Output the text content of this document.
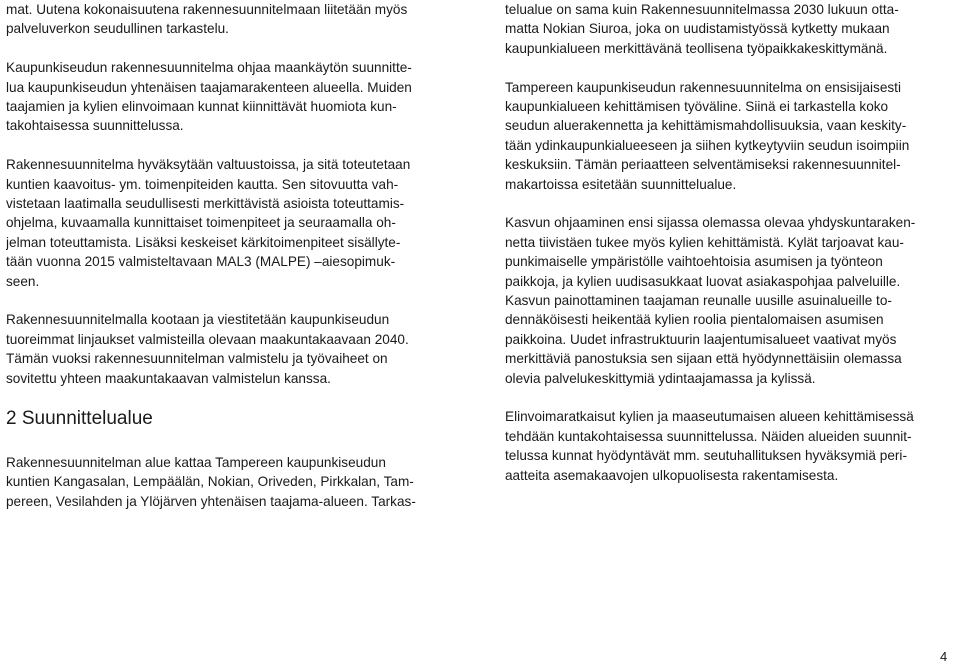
mat. Uutena kokonaisuutena rakennesuunnitelmaan liitetään myös
palveluverkon seudullinen tarkastelu.

Kaupunkiseudun rakennesuunnitelma ohjaa maankäytön suunnitte-
lua kaupunkiseudun yhtenäisen taajamarakenteen alueella. Muiden
taajamien ja kylien elinvoimaan kunnat kiinnittävät huomiota kun-
takohtaisessa suunnittelussa.

Rakennesuunnitelma hyväksytään valtuustoissa, ja sitä toteutetaan
kuntien kaavoitus- ym. toimenpiteiden kautta. Sen sitovuutta vah-
vistetaan laatimalla seudullisesti merkittävistä asioista toteuttamis-
ohjelma, kuvaamalla kunnittaiset toimenpiteet ja seuraamalla oh-
jelman toteuttamista. Lisäksi keskeiset kärkitoimenpiteet sisällyte-
tään vuonna 2015 valmisteltavaan MAL3 (MALPE) –aiesopimuk-
seen.

Rakennesuunnitelmalla kootaan ja viestitetään kaupunkiseudun
tuoreimmat linjaukset valmisteilla olevaan maakuntakaavaan 2040.
Tämän vuoksi rakennesuunnitelman valmistelu ja työvaiheet on
sovitettu yhteen maakuntakaavan valmistelun kanssa.

2 Suunnittelualue

Rakennesuunnitelman alue kattaa Tampereen kaupunkiseudun
kuntien Kangasalan, Lempäälän, Nokian, Oriveden, Pirkkalan, Tam-
pereen, Vesilahden ja Ylöjärven yhtenäisen taajama-alueen. Tarkas-

telualue on sama kuin Rakennesuunnitelmassa 2030 lukuun otta-
matta Nokian Siuroa, joka on uudistamistyössä kytketty mukaan
kaupunkialueen merkittävänä teollisena työpaikkakeskittymänä.

Tampereen kaupunkiseudun rakennesuunnitelma on ensisijaisesti
kaupunkialueen kehittämisen työväline. Siinä ei tarkastella koko
seudun aluerakennetta ja kehittämismahdollisuuksia, vaan keskity-
tään ydinkaupunkialueeseen ja siihen kytkeytyviin seudun isoimpiin
keskuksiin. Tämän periaatteen selventämiseksi rakennesuunnitel-
makartoissa esitetään suunnittelualue.

Kasvun ohjaaminen ensi sijassa olemassa olevaa yhdyskuntaraken-
netta tiivistäen tukee myös kylien kehittämistä. Kylät tarjoavat kau-
punkimaiselle ympäristölle vaihtoehtoisia asumisen ja työnteon
paikkoja, ja kylien uudisasukkaat luovat asiakaspohjaa palveluille.
Kasvun painottaminen taajaman reunalle uusille asuinalueille to-
dennäköisesti heikentää kylien roolia pientalomaisen asumisen
paikkoina. Uudet infrastruktuurin laajentumisalueet vaativat myös
merkittäviä panostuksia sen sijaan että hyödynnettäisiin olemassa
olevia palvelukeskittymiä ydintaajamassa ja kylissä.

Elinvoimaratkaisut kylien ja maaseutumaisen alueen kehittämisessä
tehdään kuntakohtaisessa suunnittelussa. Näiden alueiden suunnit-
telussa kunnat hyödyntävät mm. seutuhallituksen hyväksymiä peri-
aatteita asemakaavojen ulkopuolisesta rakentamisesta.

4
